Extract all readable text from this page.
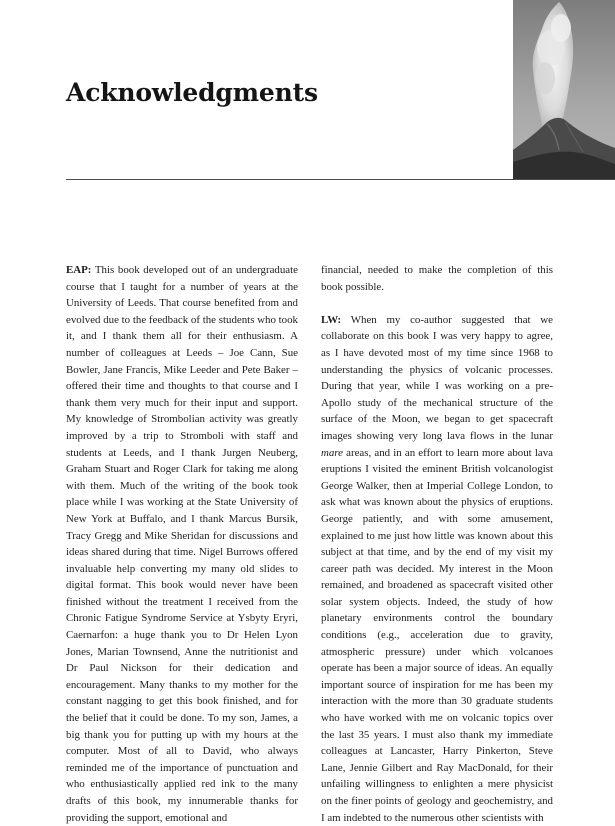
Acknowledgments

EAP: This book developed out of an undergraduate course that I taught for a number of years at the University of Leeds. That course benefited from and evolved due to the feedback of the students who took it, and I thank them all for their enthusiasm. A number of colleagues at Leeds – Joe Cann, Sue Bowler, Jane Francis, Mike Leeder and Pete Baker – offered their time and thoughts to that course and I thank them very much for their input and support. My knowledge of Strombolian activity was greatly improved by a trip to Stromboli with staff and students at Leeds, and I thank Jurgen Neuberg, Graham Stuart and Roger Clark for taking me along with them. Much of the writing of the book took place while I was working at the State University of New York at Buffalo, and I thank Marcus Bursik, Tracy Gregg and Mike Sheridan for discussions and ideas shared during that time. Nigel Burrows offered invaluable help converting my many old slides to digital format. This book would never have been finished without the treatment I received from the Chronic Fatigue Syndrome Service at Ysbyty Eryri, Caernarfon: a huge thank you to Dr Helen Lyon Jones, Marian Townsend, Anne the nutritionist and Dr Paul Nickson for their dedication and encouragement. Many thanks to my mother for the constant nagging to get this book finished, and for the belief that it could be done. To my son, James, a big thank you for putting up with my hours at the computer. Most of all to David, who always reminded me of the importance of punctuation and who enthusiastically applied red ink to the many drafts of this book, my innumerable thanks for providing the support, emotional and

financial, needed to make the completion of this book possible.

LW: When my co-author suggested that we collaborate on this book I was very happy to agree, as I have devoted most of my time since 1968 to understanding the physics of volcanic processes. During that year, while I was working on a pre-Apollo study of the mechanical structure of the surface of the Moon, we began to get spacecraft images showing very long lava flows in the lunar mare areas, and in an effort to learn more about lava eruptions I visited the eminent British volcanologist George Walker, then at Imperial College London, to ask what was known about the physics of eruptions. George patiently, and with some amusement, explained to me just how little was known about this subject at that time, and by the end of my visit my career path was decided. My interest in the Moon remained, and broadened as spacecraft visited other solar system objects. Indeed, the study of how planetary environments control the boundary conditions (e.g., acceleration due to gravity, atmospheric pressure) under which volcanoes operate has been a major source of ideas. An equally important source of inspiration for me has been my interaction with the more than 30 graduate students who have worked with me on volcanic topics over the last 35 years. I must also thank my immediate colleagues at Lancaster, Harry Pinkerton, Steve Lane, Jennie Gilbert and Ray MacDonald, for their unfailing willingness to enlighten a mere physicist on the finer points of geology and geochemistry, and I am indebted to the numerous other scientists with
